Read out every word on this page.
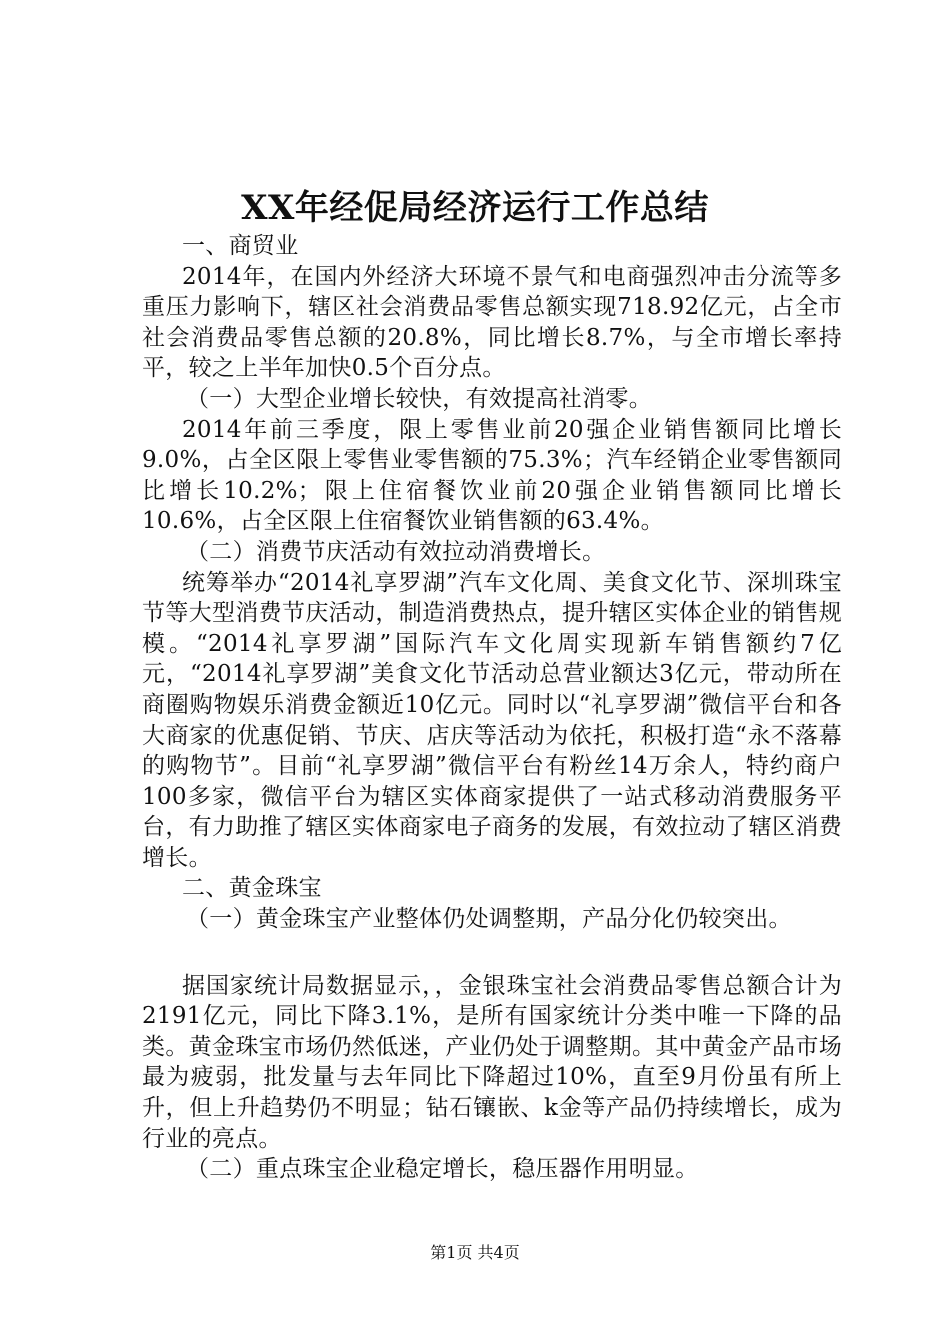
XX年经促局经济运行工作总结

一、商贸业

2014年，在国内外经济大环境不景气和电商强烈冲击分流等多重压力影响下，辖区社会消费品零售总额实现718.92亿元，占全市社会消费品零售总额的20.8%，同比增长8.7%，与全市增长率持平，较之上半年加快0.5个百分点。

（一）大型企业增长较快，有效提高社消零。

2014年前三季度，限上零售业前20强企业销售额同比增长9.0%，占全区限上零售业零售额的75.3%；汽车经销企业零售额同比增长10.2%；限上住宿餐饮业前20强企业销售额同比增长10.6%，占全区限上住宿餐饮业销售额的63.4%。

（二）消费节庆活动有效拉动消费增长。

统筹举办“2014礼享罗湖”汽车文化周、美食文化节、深圳珠宝节等大型消费节庆活动，制造消费热点，提升辖区实体企业的销售规模。“2014礼享罗湖”国际汽车文化周实现新车销售额约7亿元，“2014礼享罗湖”美食文化节活动总营业额达3亿元，带动所在商圈购物娱乐消费金额近10亿元。同时以“礼享罗湖”微信平台和各大商家的优惠促销、节庆、店庆等活动为依托，积极打造“永不落幕的购物节”。目前“礼享罗湖”微信平台有粉丝14万余人，特约商户100多家，微信平台为辖区实体商家提供了一站式移动消费服务平台，有力助推了辖区实体商家电子商务的发展，有效拉动了辖区消费增长。

二、黄金珠宝

（一）黄金珠宝产业整体仍处调整期，产品分化仍较突出。

据国家统计局数据显示，，金银珠宝社会消费品零售总额合计为2191亿元，同比下降3.1%，是所有国家统计分类中唯一下降的品类。黄金珠宝市场仍然低迷，产业仍处于调整期。其中黄金产品市场最为疲弱，批发量与去年同比下降超过10%，直至9月份虽有所上升，但上升趋势仍不明显；钻石镶嵌、k金等产品仍持续增长，成为行业的亮点。

（二）重点珠宝企业稳定增长，稳压器作用明显。

第1页 共4页
